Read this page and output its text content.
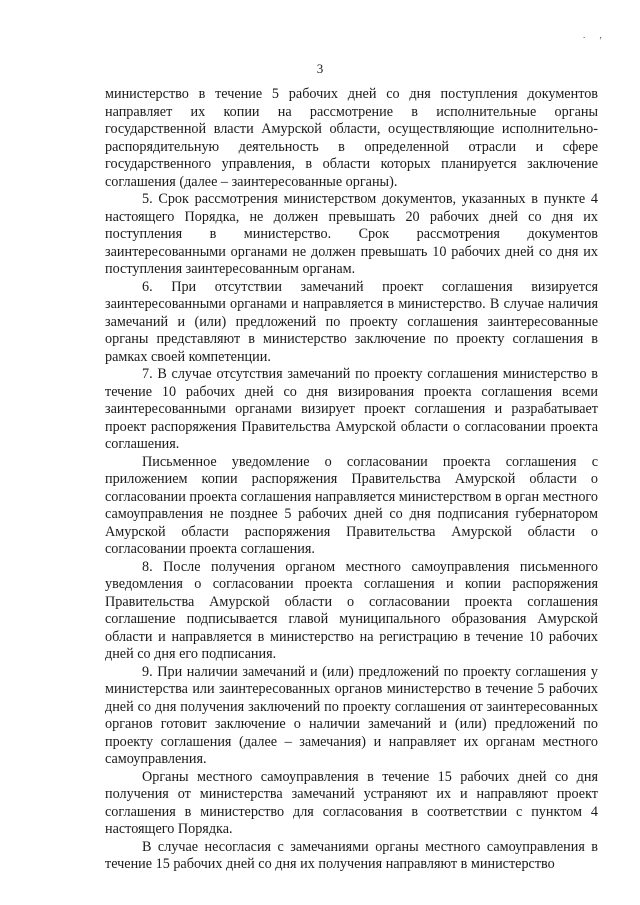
. ,
3

министерство в течение 5 рабочих дней со дня поступления документов направляет их копии на рассмотрение в исполнительные органы государственной власти Амурской области, осуществляющие исполнительно-распорядительную деятельность в определенной отрасли и сфере государственного управления, в области которых планируется заключение соглашения (далее – заинтересованные органы).

5. Срок рассмотрения министерством документов, указанных в пункте 4 настоящего Порядка, не должен превышать 20 рабочих дней со дня их поступления в министерство. Срок рассмотрения документов заинтересованными органами не должен превышать 10 рабочих дней со дня их поступления заинтересованным органам.

6. При отсутствии замечаний проект соглашения визируется заинтересованными органами и направляется в министерство. В случае наличия замечаний и (или) предложений по проекту соглашения заинтересованные органы представляют в министерство заключение по проекту соглашения в рамках своей компетенции.

7. В случае отсутствия замечаний по проекту соглашения министерство в течение 10 рабочих дней со дня визирования проекта соглашения всеми заинтересованными органами визирует проект соглашения и разрабатывает проект распоряжения Правительства Амурской области о согласовании проекта соглашения.

Письменное уведомление о согласовании проекта соглашения с приложением копии распоряжения Правительства Амурской области о согласовании проекта соглашения направляется министерством в орган местного самоуправления не позднее 5 рабочих дней со дня подписания губернатором Амурской области распоряжения Правительства Амурской области о согласовании проекта соглашения.

8. После получения органом местного самоуправления письменного уведомления о согласовании проекта соглашения и копии распоряжения Правительства Амурской области о согласовании проекта соглашения соглашение подписывается главой муниципального образования Амурской области и направляется в министерство на регистрацию в течение 10 рабочих дней со дня его подписания.

9. При наличии замечаний и (или) предложений по проекту соглашения у министерства или заинтересованных органов министерство в течение 5 рабочих дней со дня получения заключений по проекту соглашения от заинтересованных органов готовит заключение о наличии замечаний и (или) предложений по проекту соглашения (далее – замечания) и направляет их органам местного самоуправления.

Органы местного самоуправления в течение 15 рабочих дней со дня получения от министерства замечаний устраняют их и направляют проект соглашения в министерство для согласования в соответствии с пунктом 4 настоящего Порядка.

В случае несогласия с замечаниями органы местного самоуправления в течение 15 рабочих дней со дня их получения направляют в министерство
